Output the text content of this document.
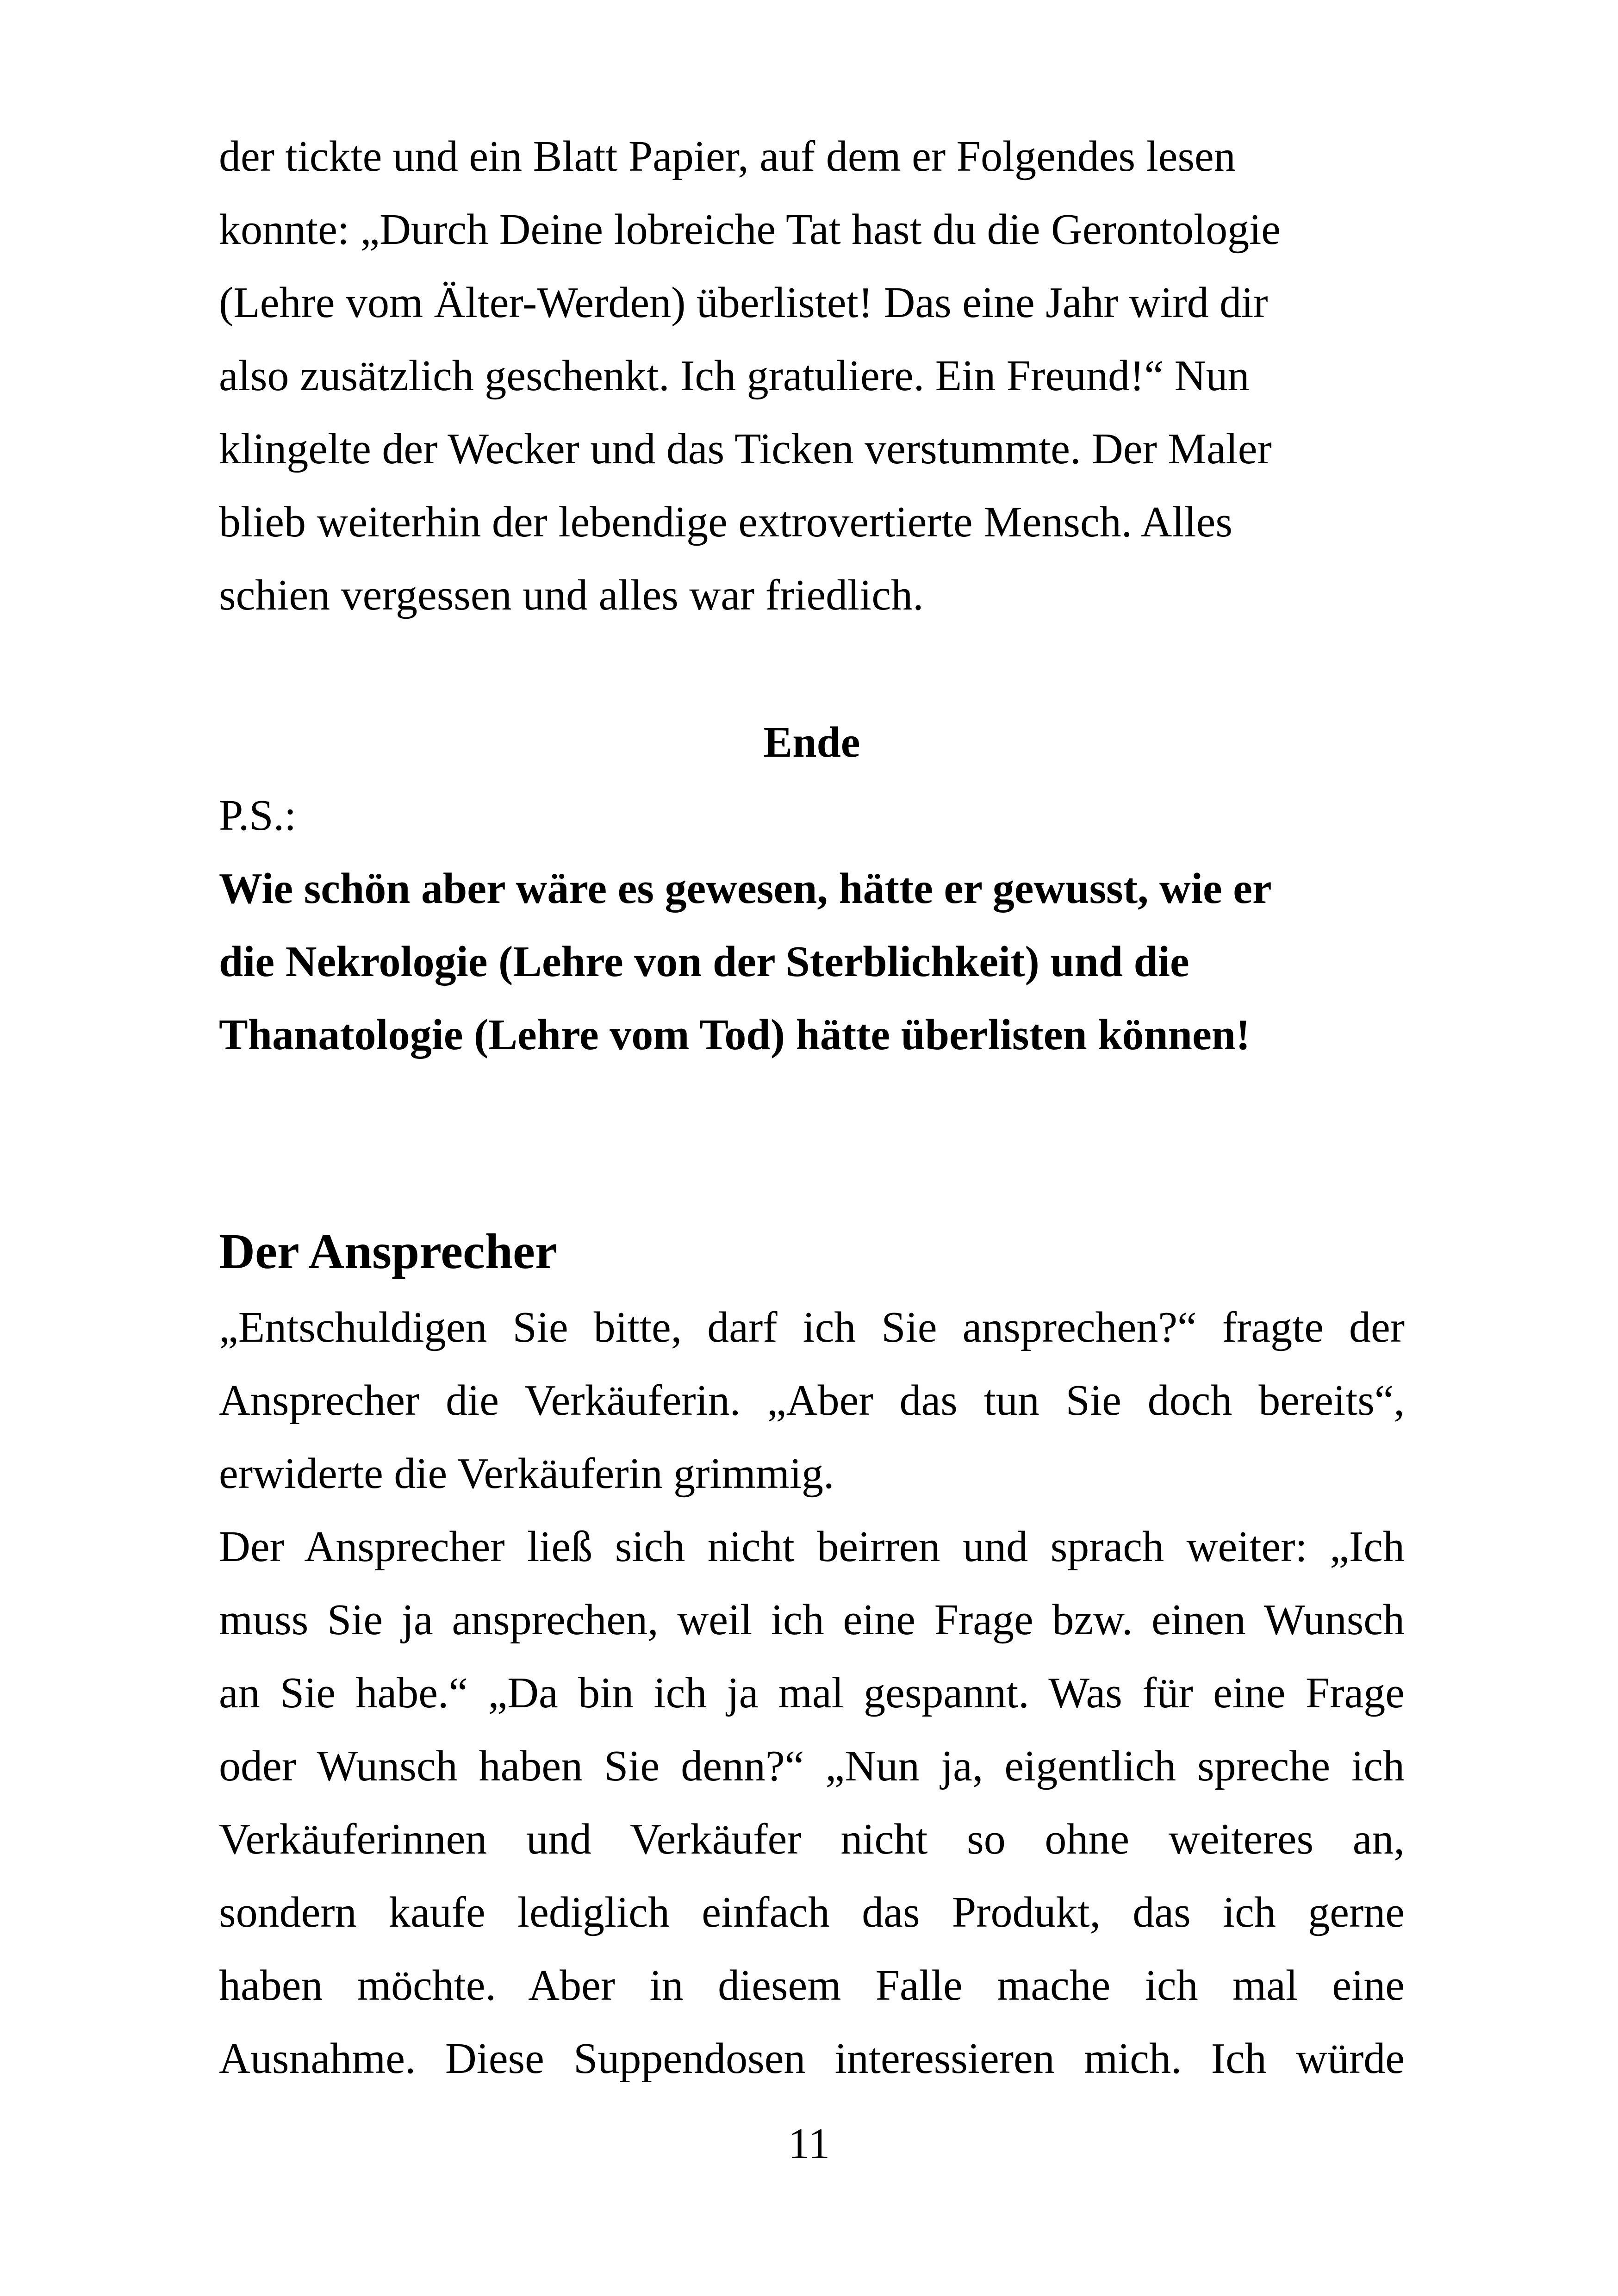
der tickte und ein Blatt Papier, auf dem er Folgendes lesen
konnte: „Durch Deine lobreiche Tat hast du die Gerontologie
(Lehre vom Älter-Werden) überlistet! Das eine Jahr wird dir
also zusätzlich geschenkt. Ich gratuliere. Ein Freund!“ Nun
klingelte der Wecker und das Ticken verstummte. Der Maler
blieb weiterhin der lebendige extrovertierte Mensch. Alles
schien vergessen und alles war friedlich.
Ende
P.S.:
Wie schön aber wäre es gewesen, hätte er gewusst, wie er
die Nekrologie (Lehre von der Sterblichkeit) und die
Thanatologie (Lehre vom Tod) hätte überlisten können!
Der Ansprecher
„Entschuldigen Sie bitte, darf ich Sie ansprechen?“ fragte der
Ansprecher die Verkäuferin. „Aber das tun Sie doch bereits“,
erwiderte die Verkäuferin grimmig.
Der Ansprecher ließ sich nicht beirren und sprach weiter: „Ich
muss Sie ja ansprechen, weil ich eine Frage bzw. einen Wunsch
an Sie habe.“ „Da bin ich ja mal gespannt. Was für eine Frage
oder Wunsch haben Sie denn?“ „Nun ja, eigentlich spreche ich
Verkäuferinnen und Verkäufer nicht so ohne weiteres an,
sondern kaufe lediglich einfach das Produkt, das ich gerne
haben möchte. Aber in diesem Falle mache ich mal eine
Ausnahme. Diese Suppendosen interessieren mich. Ich würde
11
